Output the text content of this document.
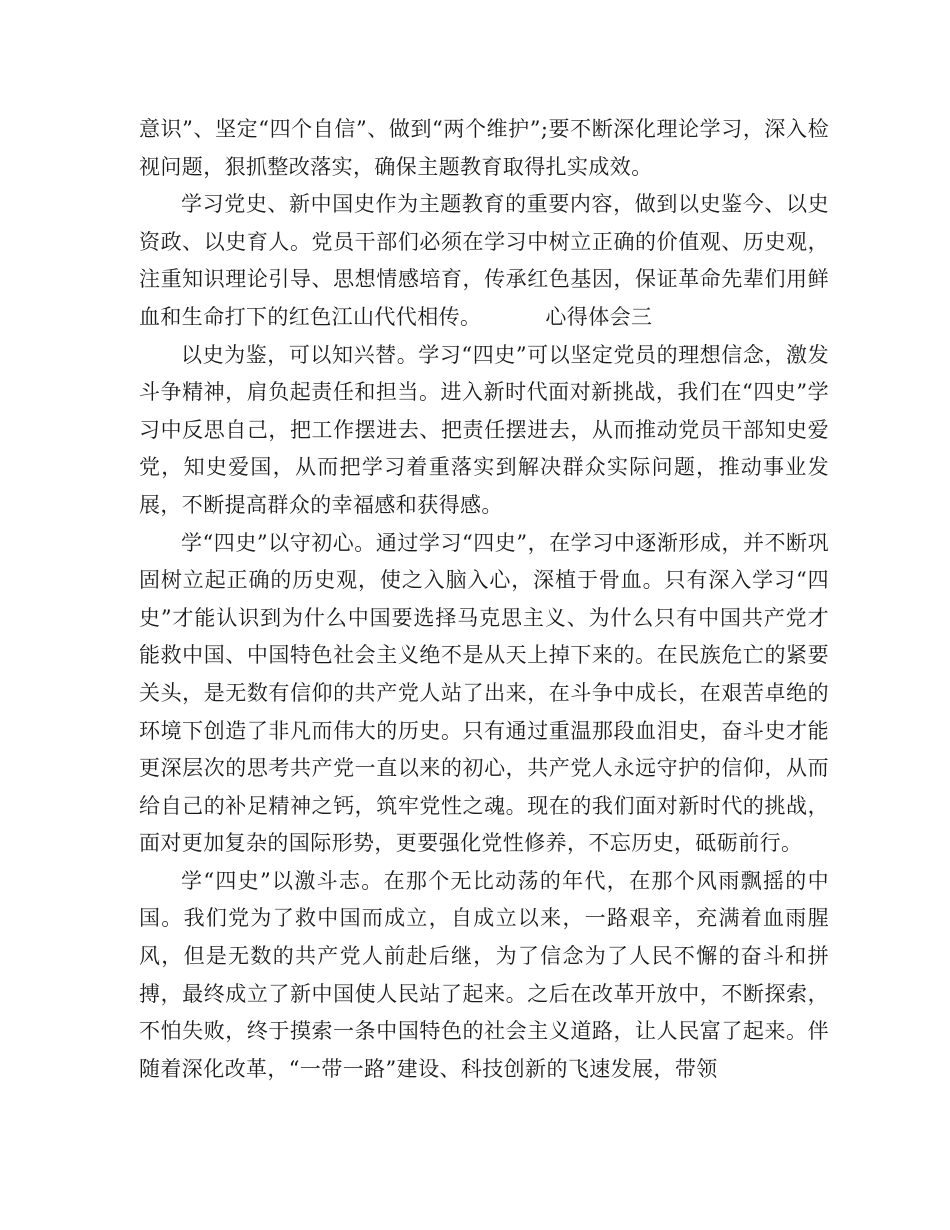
意识”、坚定“四个自信”、做到“两个维护”;要不断深化理论学习，深入检视问题，狠抓整改落实，确保主题教育取得扎实成效。

学习党史、新中国史作为主题教育的重要内容，做到以史鉴今、以史资政、以史育人。党员干部们必须在学习中树立正确的价值观、历史观，注重知识理论引导、思想情感培育，传承红色基因，保证革命先辈们用鲜血和生命打下的红色江山代代相传。	心得体会三

以史为鉴，可以知兴替。学习“四史”可以坚定党员的理想信念，激发斗争精神，肩负起责任和担当。进入新时代面对新挑战，我们在“四史”学习中反思自己，把工作摆进去、把责任摆进去，从而推动党员干部知史爱党，知史爱国，从而把学习着重落实到解决群众实际问题，推动事业发展，不断提高群众的幸福感和获得感。

学“四史”以守初心。通过学习“四史”，在学习中逐渐形成，并不断巩固树立起正确的历史观，使之入脑入心，深植于骨血。只有深入学习“四史”才能认识到为什么中国要选择马克思主义、为什么只有中国共产党才能救中国、中国特色社会主义绝不是从天上掉下来的。在民族危亡的紧要关头，是无数有信仰的共产党人站了出来，在斗争中成长，在艰苦卓绝的环境下创造了非凡而伟大的历史。只有通过重温那段血泪史，奋斗史才能更深层次的思考共产党一直以来的初心，共产党人永远守护的信仰，从而给自己的补足精神之钙，筑牢党性之魂。现在的我们面对新时代的挑战，面对更加复杂的国际形势，更要强化党性修养，不忘历史，砥砺前行。

学“四史”以激斗志。在那个无比动荡的年代，在那个风雨飘摇的中国。我们党为了救中国而成立，自成立以来，一路艰辛，充满着血雨腥风，但是无数的共产党人前赴后继，为了信念为了人民不懈的奋斗和拼搏，最终成立了新中国使人民站了起来。之后在改革开放中，不断探索，不怕失败，终于摸索一条中国特色的社会主义道路，让人民富了起来。伴随着深化改革，“一带一路”建设、科技创新的飞速发展，带领
